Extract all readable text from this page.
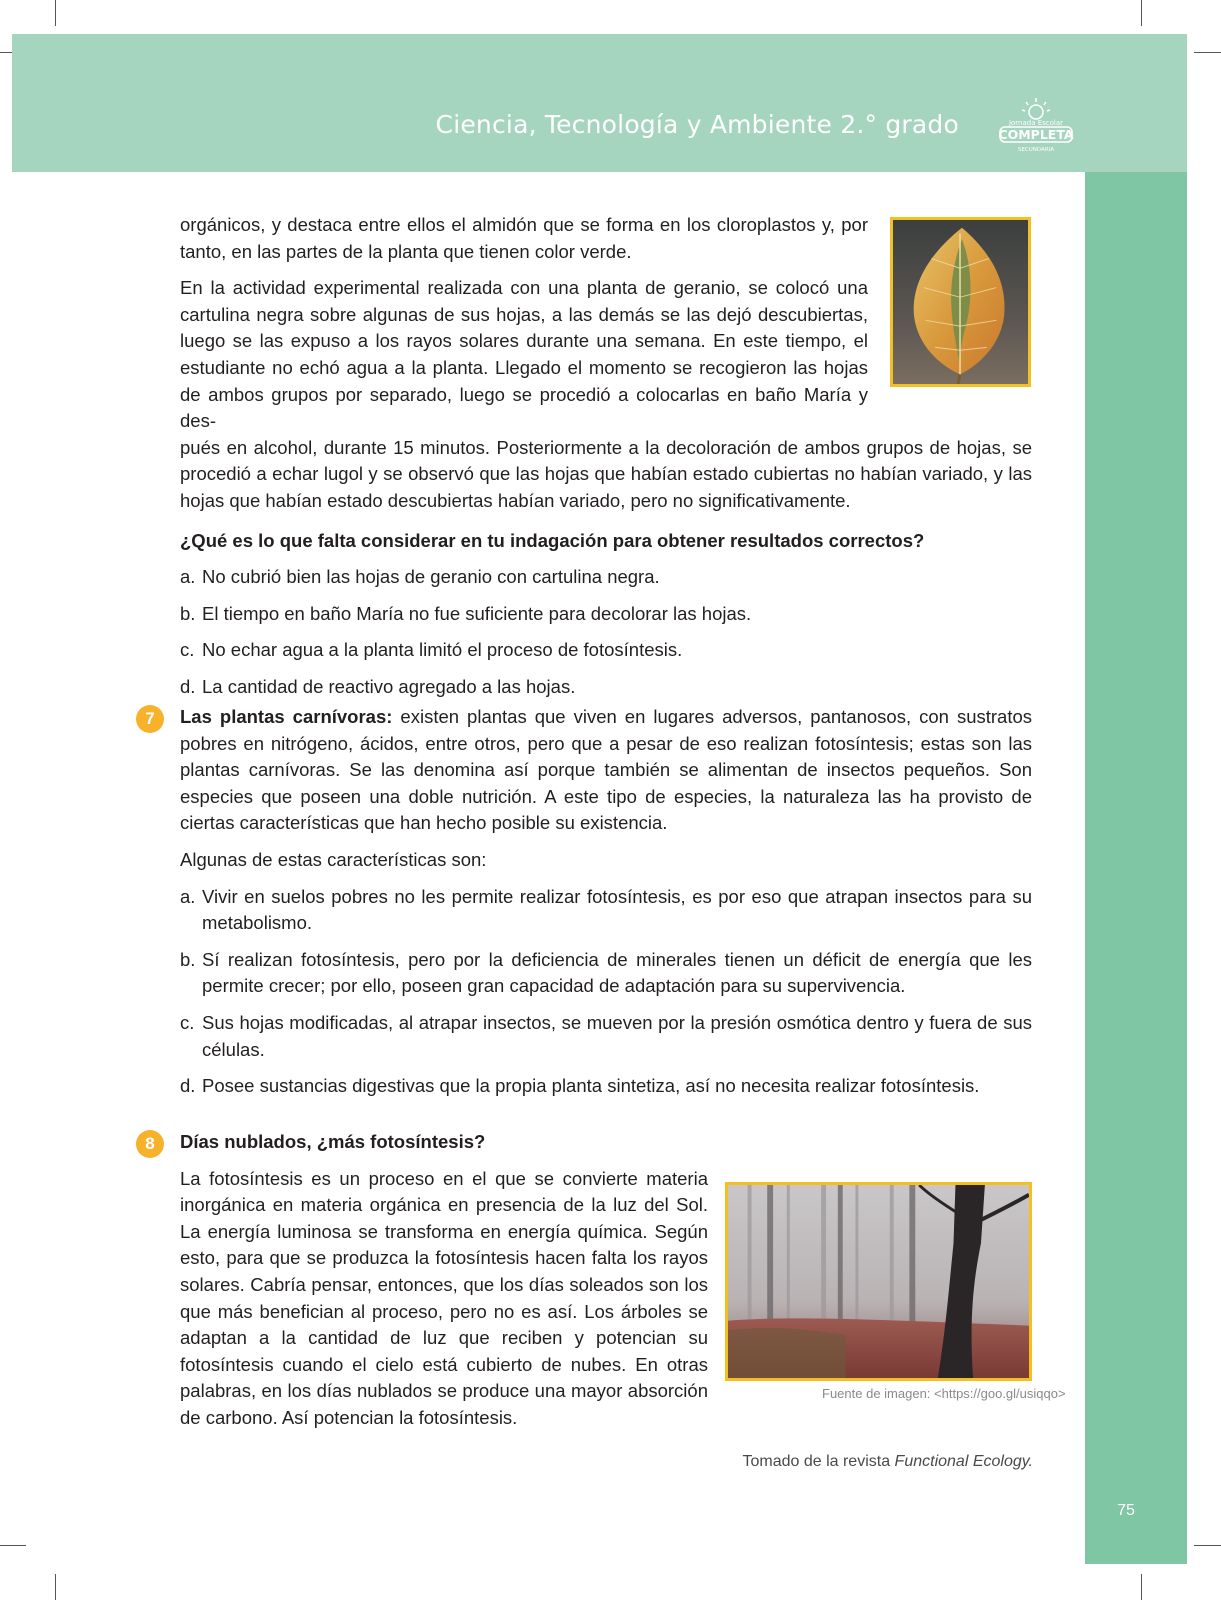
Ciencia, Tecnología y Ambiente 2.° grado	Jornada Escolar
COMPLETA
SECUNDARIA
75

orgánicos, y destaca entre ellos el almidón que se forma en los cloroplastos y, por tanto, en las partes de la planta que tienen color verde.

En la actividad experimental realizada con una planta de geranio, se colocó una cartulina negra sobre algunas de sus hojas, a las demás se las dejó descubiertas, luego se las expuso a los rayos solares durante una semana. En este tiempo, el estudiante no echó agua a la planta. Llegado el momento se recogieron las hojas de ambos grupos por separado, luego se procedió a colocarlas en baño María y des-

pués en alcohol, durante 15 minutos. Posteriormente a la decoloración de ambos grupos de hojas, se procedió a echar lugol y se observó que las hojas que habían estado cubiertas no habían variado, y las hojas que habían estado descubiertas habían variado, pero no significativamente.

¿Qué es lo que falta considerar en tu indagación para obtener resultados correctos?

a. No cubrió bien las hojas de geranio con cartulina negra.
b. El tiempo en baño María no fue suficiente para decolorar las hojas.
c. No echar agua a la planta limitó el proceso de fotosíntesis.
d. La cantidad de reactivo agregado a las hojas.
7	Las plantas carnívoras: existen plantas que viven en lugares adversos, pantanosos, con sustratos pobres en nitrógeno, ácidos, entre otros, pero que a pesar de eso realizan fotosíntesis; estas son las plantas carnívoras. Se las denomina así porque también se alimentan de insectos pequeños. Son especies que poseen una doble nutrición. A este tipo de especies, la naturaleza las ha provisto de ciertas características que han hecho posible su existencia.

Algunas de estas características son:

a. Vivir en suelos pobres no les permite realizar fotosíntesis, es por eso que atrapan insectos para su metabolismo.
b. Sí realizan fotosíntesis, pero por la deficiencia de minerales tienen un déficit de energía que les permite crecer; por ello, poseen gran capacidad de adaptación para su supervivencia.
c. Sus hojas modificadas, al atrapar insectos, se mueven por la presión osmótica dentro y fuera de sus células.
d. Posee sustancias digestivas que la propia planta sintetiza, así no necesita realizar fotosíntesis.
8	Días nublados, ¿más fotosíntesis?

La fotosíntesis es un proceso en el que se convierte materia inorgánica en materia orgánica en presencia de la luz del Sol. La energía luminosa se transforma en energía química. Según esto, para que se produzca la fotosíntesis hacen falta los rayos solares. Cabría pensar, entonces, que los días soleados son los que más benefician al proceso, pero no es así. Los árboles se adaptan a la cantidad de luz que reciben y potencian su fotosíntesis cuando el cielo está cubierto de nubes. En otras palabras, en los días nublados se produce una mayor absorción de carbono. Así potencian la fotosíntesis.

Fuente de imagen: <https://goo.gl/usiqqo>
Tomado de la revista Functional Ecology.
